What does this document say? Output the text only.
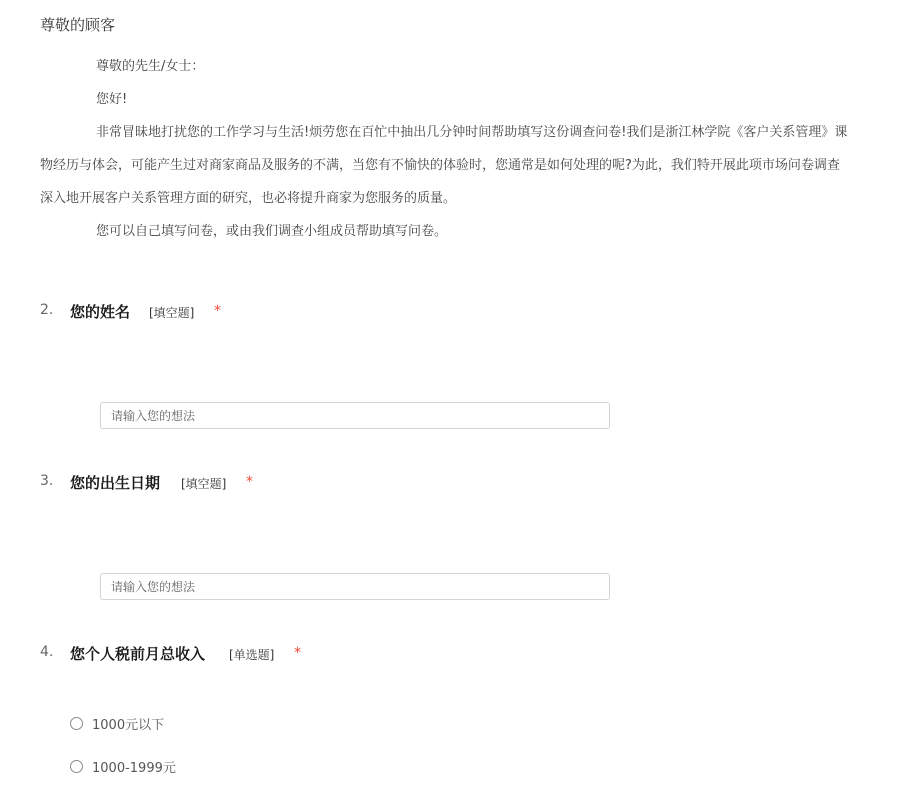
尊敬的顾客
尊敬的先生/女士：
您好!
非常冒昧地打扰您的工作学习与生活!烦劳您在百忙中抽出几分钟时间帮助填写这份调查问卷!我们是浙江林学院《客户关系管理》课
物经历与体会，可能产生过对商家商品及服务的不满，当您有不愉快的体验时，您通常是如何处理的呢?为此，我们特开展此项市场问卷调查
深入地开展客户关系管理方面的研究，也必将提升商家为您服务的质量。
您可以自己填写问卷，或由我们调查小组成员帮助填写问卷。
2. 您的姓名 [填空题] *
请输入您的想法
3. 您的出生日期 [填空题] *
请输入您的想法
4. 您个人税前月总收入 [单选题] *
1000元以下
1000-1999元
